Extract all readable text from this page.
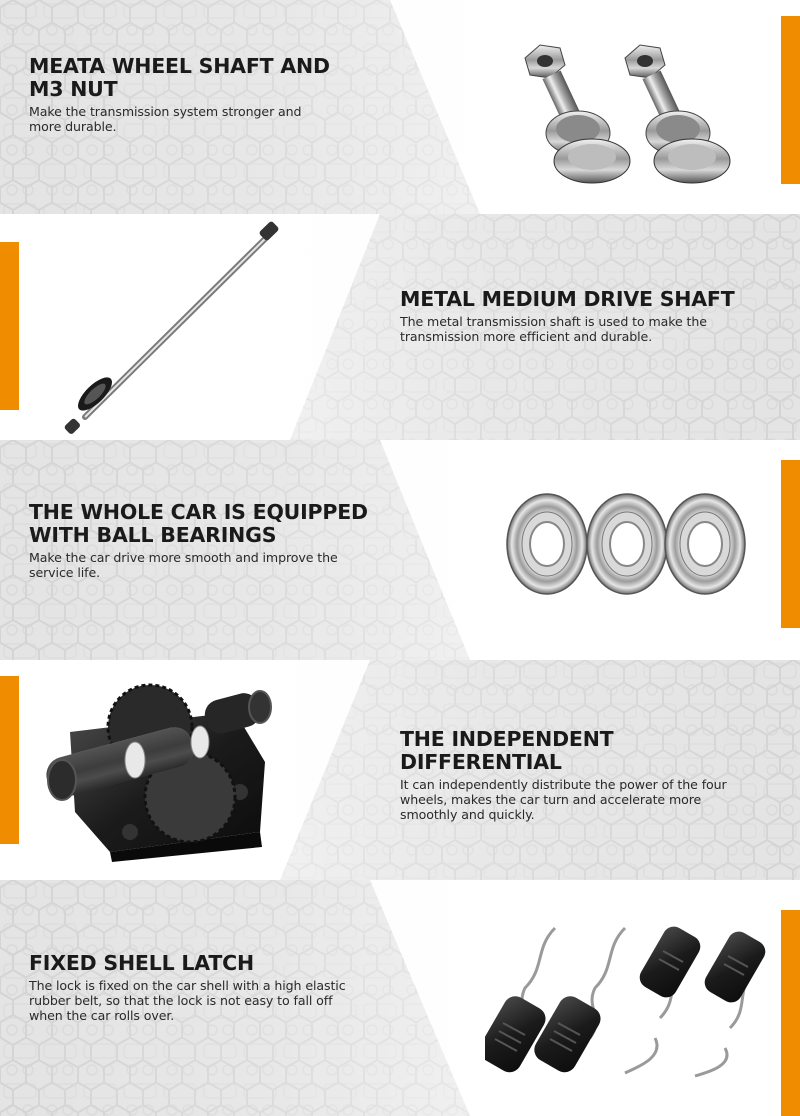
MEATA WHEEL SHAFT AND
M3 NUT

Make the transmission system stronger and more durable.

METAL MEDIUM DRIVE SHAFT

The metal transmission shaft is used to make the transmission more efficient and durable.

THE WHOLE CAR IS EQUIPPED
WITH BALL BEARINGS

Make the car drive more smooth and improve the service life.

THE INDEPENDENT DIFFERENTIAL

It can independently distribute the power of the four wheels, makes the car turn and accelerate more smoothly and quickly.

FIXED SHELL LATCH

The lock is fixed on the car shell with a high elastic rubber belt, so that the lock is not easy to fall off when the car rolls over.
